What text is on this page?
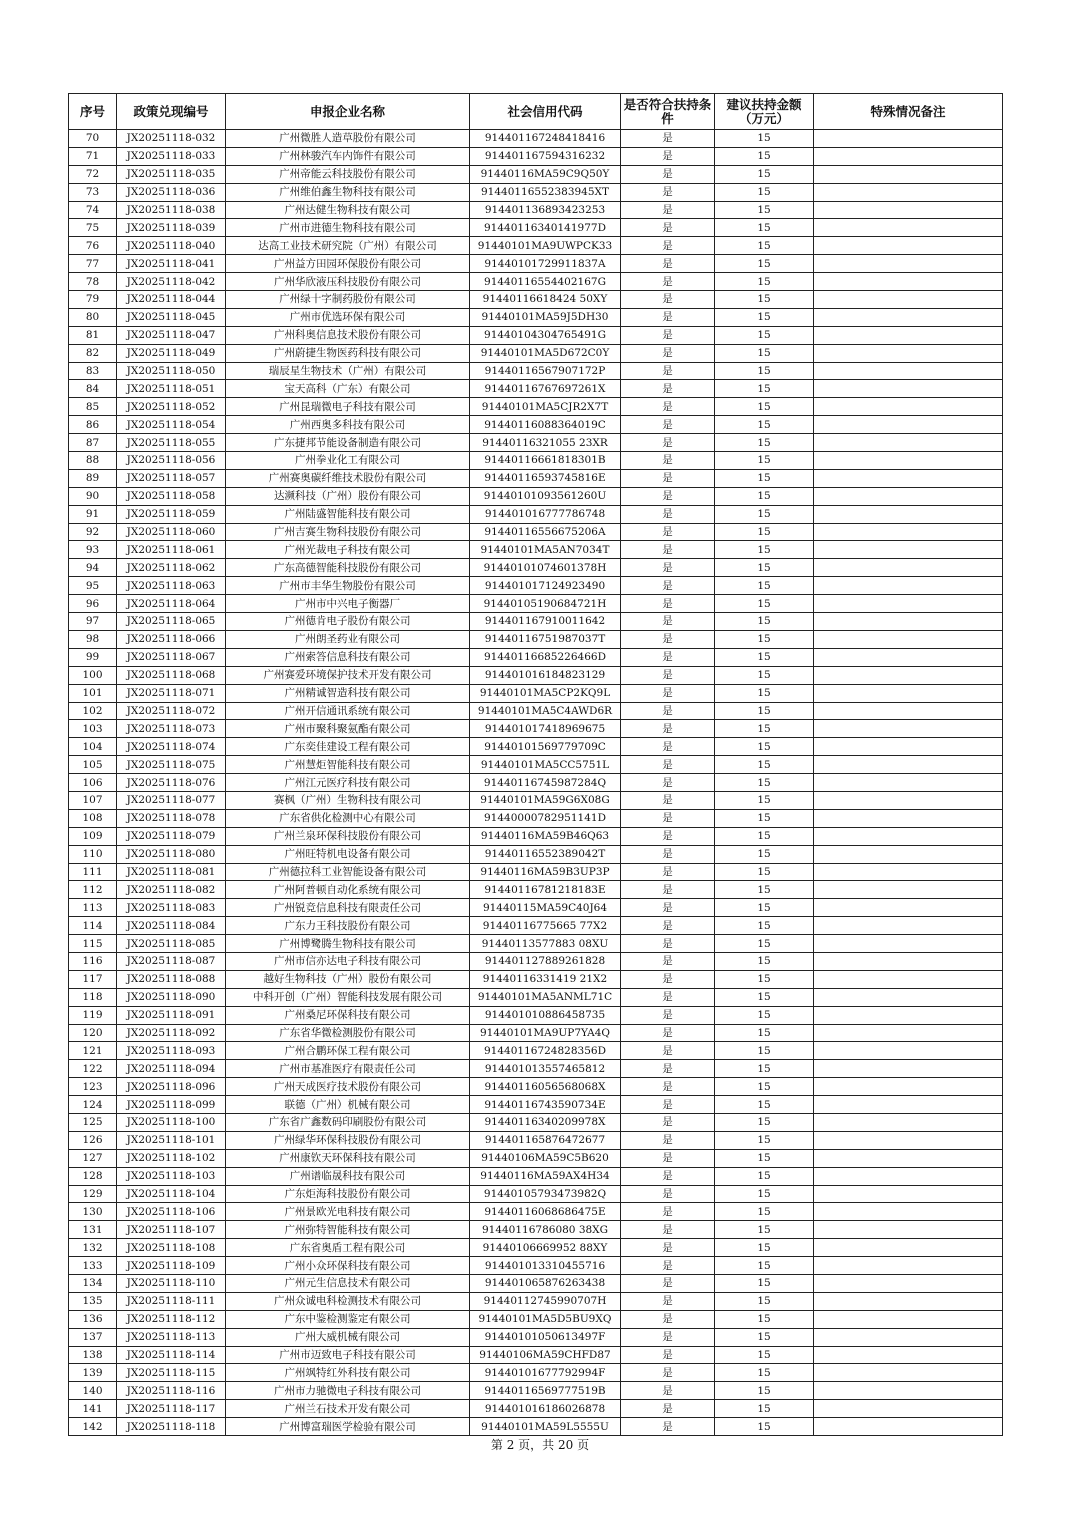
序号	政策兑现编号	申报企业名称	社会信用代码	是否符合扶持条件	建议扶持金额（万元）	特殊情况备注
70	JX20251118-032	广州微胜人造草股份有限公司	914401167248418416	是	15	
71	JX20251118-033	广州林骏汽车内饰件有限公司	914401167594316232	是	15	
72	JX20251118-035	广州帝能云科技股份有限公司	91440116MA59C9Q50Y	是	15	
73	JX20251118-036	广州维伯鑫生物科技有限公司	91440116552383945XT	是	15	
74	JX20251118-038	广州达健生物科技有限公司	914401136893423253	是	15	
75	JX20251118-039	广州市进德生物科技有限公司	91440116340141977D	是	15	
76	JX20251118-040	达高工业技术研究院（广州）有限公司	91440101MA9UWPCK33	是	15	
77	JX20251118-041	广州益方田园环保股份有限公司	91440101729911837A	是	15	
78	JX20251118-042	广州华欣液压科技股份有限公司	91440116554402167G	是	15	
79	JX20251118-044	广州绿十字制药股份有限公司	91440116618424 50XY	是	15	
80	JX20251118-045	广州市优选环保有限公司	91440101MA59J5DH30	是	15	
81	JX20251118-047	广州科奥信息技术股份有限公司	91440104304765491G	是	15	
82	JX20251118-049	广州蔚捷生物医药科技有限公司	91440101MA5D672C0Y	是	15	
83	JX20251118-050	瑞辰星生物技术（广州）有限公司	91440116567907172P	是	15	
84	JX20251118-051	宝天高科（广东）有限公司	91440116767697261X	是	15	
85	JX20251118-052	广州昆瑞微电子科技有限公司	91440101MA5CJR2X7T	是	15	
86	JX20251118-054	广州西奥多科技有限公司	91440116088364019C	是	15	
87	JX20251118-055	广东捷邦节能设备制造有限公司	91440116321055 23XR	是	15	
88	JX20251118-056	广州拳业化工有限公司	91440116661818301B	是	15	
89	JX20251118-057	广州赛奥碳纤维技术股份有限公司	91440116593745816E	是	15	
90	JX20251118-058	达濒科技（广州）股份有限公司	91440101093561260U	是	15	
91	JX20251118-059	广州陆盛智能科技有限公司	914401016777786748	是	15	
92	JX20251118-060	广州吉赛生物科技股份有限公司	91440116556675206A	是	15	
93	JX20251118-061	广州光裁电子科技有限公司	91440101MA5AN7034T	是	15	
94	JX20251118-062	广东高德智能科技股份有限公司	91440101074601378H	是	15	
95	JX20251118-063	广州市丰华生物股份有限公司	914401017124923490	是	15	
96	JX20251118-064	广州市中兴电子衡器厂	91440105190684721H	是	15	
97	JX20251118-065	广州德肯电子股份有限公司	914401167910011642	是	15	
98	JX20251118-066	广州朗圣药业有限公司	91440116751987037T	是	15	
99	JX20251118-067	广州索答信息科技有限公司	91440116685226466D	是	15	
100	JX20251118-068	广州赛爱环境保护技术开发有限公司	914401016184823129	是	15	
101	JX20251118-071	广州精诚智造科技有限公司	91440101MA5CP2KQ9L	是	15	
102	JX20251118-072	广州开信通讯系统有限公司	91440101MA5C4AWD6R	是	15	
103	JX20251118-073	广州市聚科聚氨酯有限公司	914401017418969675	是	15	
104	JX20251118-074	广东奕佳建设工程有限公司	91440101569779709C	是	15	
105	JX20251118-075	广州慧炬智能科技有限公司	91440101MA5CC5751L	是	15	
106	JX20251118-076	广州江元医疗科技有限公司	91440116745987284Q	是	15	
107	JX20251118-077	赛枫（广州）生物科技有限公司	91440101MA59G6X08G	是	15	
108	JX20251118-078	广东省供化检测中心有限公司	91440000782951141D	是	15	
109	JX20251118-079	广州兰泉环保科技股份有限公司	91440116MA59B46Q63	是	15	
110	JX20251118-080	广州旺特机电设备有限公司	91440116552389042T	是	15	
111	JX20251118-081	广州德拉科工业智能设备有限公司	91440116MA59B3UP3P	是	15	
112	JX20251118-082	广州阿普顿自动化系统有限公司	91440116781218183E	是	15	
113	JX20251118-083	广州锐竞信息科技有限责任公司	91440115MA59C40J64	是	15	
114	JX20251118-084	广东力王科技股份有限公司	91440116775665 77X2	是	15	
115	JX20251118-085	广州博鹭腾生物科技有限公司	91440113577883 08XU	是	15	
116	JX20251118-087	广州市信亦达电子科技有限公司	914401127889261828	是	15	
117	JX20251118-088	越好生物科技（广州）股份有限公司	91440116331419 21X2	是	15	
118	JX20251118-090	中科开创（广州）智能科技发展有限公司	91440101MA5ANML71C	是	15	
119	JX20251118-091	广州桑尼环保科技有限公司	914401010886458735	是	15	
120	JX20251118-092	广东省华微检测股份有限公司	91440101MA9UP7YA4Q	是	15	
121	JX20251118-093	广州合鹏环保工程有限公司	91440116724828356D	是	15	
122	JX20251118-094	广州市基准医疗有限责任公司	914401013557465812	是	15	
123	JX20251118-096	广州天成医疗技术股份有限公司	91440116056568068X	是	15	
124	JX20251118-099	联德（广州）机械有限公司	91440116743590734E	是	15	
125	JX20251118-100	广东省广鑫数码印刷股份有限公司	91440116340209978X	是	15	
126	JX20251118-101	广州绿华环保科技股份有限公司	914401165876472677	是	15	
127	JX20251118-102	广州康钦天环保科技有限公司	91440106MA59C5B620	是	15	
128	JX20251118-103	广州谱临晟科技有限公司	91440116MA59AX4H34	是	15	
129	JX20251118-104	广东炬海科技股份有限公司	91440105793473982Q	是	15	
130	JX20251118-106	广州景欧光电科技有限公司	91440116068686475E	是	15	
131	JX20251118-107	广州弥特智能科技有限公司	91440116786080 38XG	是	15	
132	JX20251118-108	广东省奥盾工程有限公司	91440106669952 88XY	是	15	
133	JX20251118-109	广州小众环保科技有限公司	914401013310455716	是	15	
134	JX20251118-110	广州元生信息技术有限公司	914401065876263438	是	15	
135	JX20251118-111	广州众诚电科检测技术有限公司	91440112745990707H	是	15	
136	JX20251118-112	广东中鉴检测鉴定有限公司	91440101MA5D5BU9XQ	是	15	
137	JX20251118-113	广州大威机械有限公司	91440101050613497F	是	15	
138	JX20251118-114	广州市迈致电子科技有限公司	91440106MA59CHFD87	是	15	
139	JX20251118-115	广州飒特红外科技有限公司	91440101677792994F	是	15	
140	JX20251118-116	广州市力驰微电子科技有限公司	91440116569777519B	是	15	
141	JX20251118-117	广州兰石技术开发有限公司	914401016186026878	是	15	
142	JX20251118-118	广州博富瑞医学检验有限公司	91440101MA59L5555U	是	15	
第 2 页，共 20 页
